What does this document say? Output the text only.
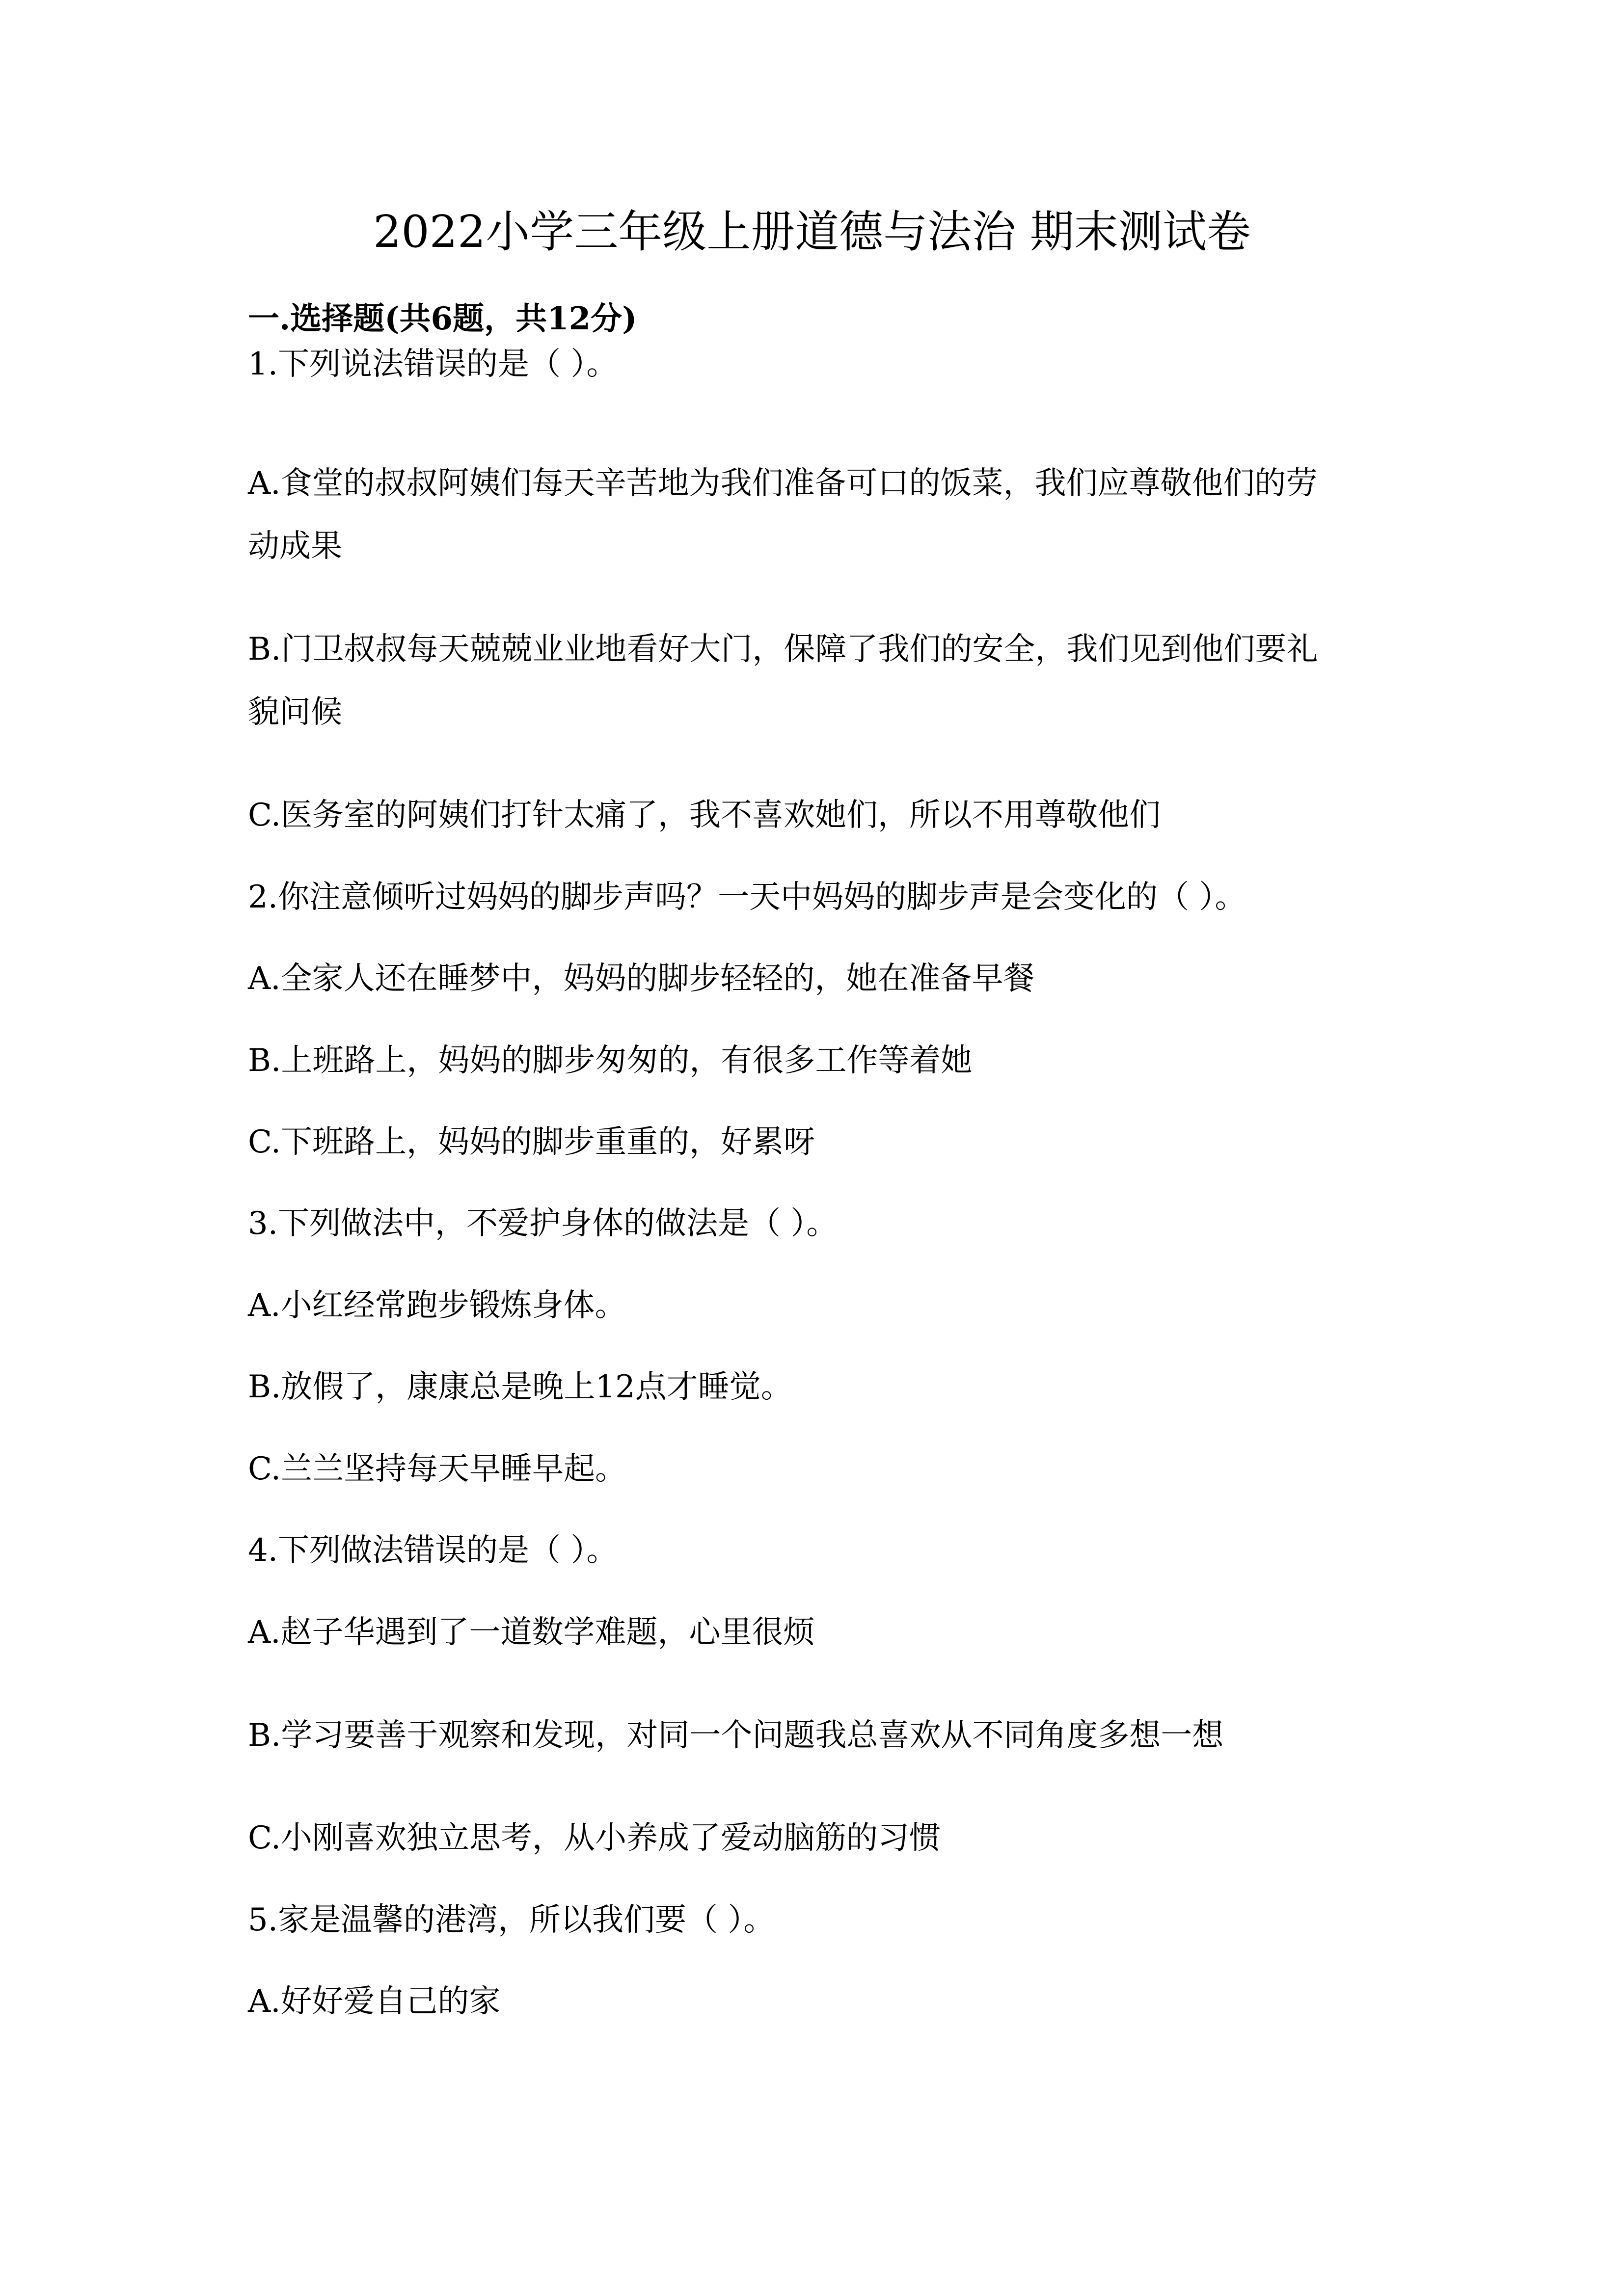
2022小学三年级上册道德与法治 期末测试卷
一.选择题(共6题，共12分)
1.下列说法错误的是（ ）。
A.食堂的叔叔阿姨们每天辛苦地为我们准备可口的饭菜，我们应尊敬他们的劳
动成果
B.门卫叔叔每天兢兢业业地看好大门，保障了我们的安全，我们见到他们要礼
貌问候
C.医务室的阿姨们打针太痛了，我不喜欢她们，所以不用尊敬他们
2.你注意倾听过妈妈的脚步声吗？一天中妈妈的脚步声是会变化的（ ）。
A.全家人还在睡梦中，妈妈的脚步轻轻的，她在准备早餐
B.上班路上，妈妈的脚步匆匆的，有很多工作等着她
C.下班路上，妈妈的脚步重重的，好累呀
3.下列做法中，不爱护身体的做法是（ ）。
A.小红经常跑步锻炼身体。
B.放假了，康康总是晚上12点才睡觉。
C.兰兰坚持每天早睡早起。
4.下列做法错误的是（ ）。
A.赵子华遇到了一道数学难题，心里很烦
B.学习要善于观察和发现，对同一个问题我总喜欢从不同角度多想一想
C.小刚喜欢独立思考，从小养成了爱动脑筋的习惯
5.家是温馨的港湾，所以我们要（ ）。
A.好好爱自己的家
